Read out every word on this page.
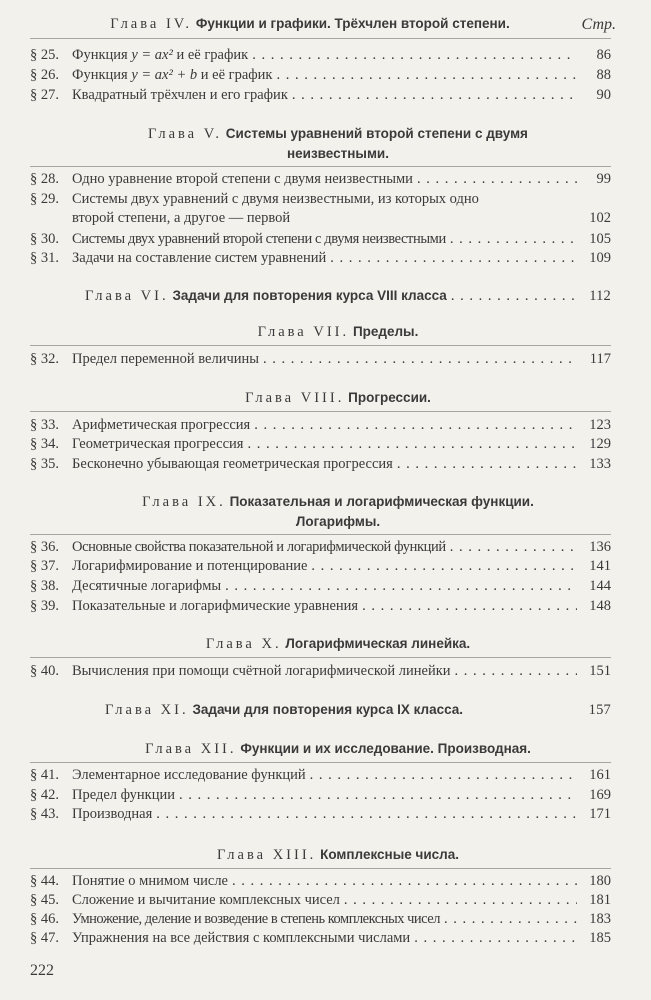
Глава IV. Функции и графики. Трёхчлен второй степени.	Стр.
§ 25. Функция y = ax² и её график . . .	86
§ 26. Функция y = ax² + b и её график . . .	88
§ 27. Квадратный трёхчлен и его график . . .	90
Глава V. Системы уравнений второй степени с двумя
неизвестными.
§ 28. Одно уравнение второй степени с двумя неизвестными . . .	99
§ 29. Системы двух уравнений с двумя неизвестными, из которых одно
второй степени, а другое — первой	102
§ 30. Системы двух уравнений второй степени с двумя неизвестными . . .	105
§ 31. Задачи на составление систем уравнений . . .	109
Глава VI.
Задачи для повторения курса VIII класса . . .	112
Глава VII. Пределы.
§ 32. Предел переменной величины . . .	117
Глава VIII. Прогрессии.
§ 33. Арифметическая прогрессия . . .	123
§ 34. Геометрическая прогрессия . . .	129
§ 35. Бесконечно убывающая геометрическая прогрессия . . .	133
Глава IX. Показательная и логарифмическая функции.
Логарифмы.
§ 36. Основные свойства показательной и логарифмической функций . . .	136
§ 37. Логарифмирование и потенцирование . . .	141
§ 38. Десятичные логарифмы . . .	144
§ 39. Показательные и логарифмические уравнения . . .	148
Глава X. Логарифмическая линейка.
§ 40. Вычисления при помощи счётной логарифмической линейки . . .	151
Глава XI.
Задачи для повторения курса IX класса.	157
Глава XII. Функции и их исследование. Производная.
§ 41. Элементарное исследование функций . . .	161
§ 42. Предел функции . . .	169
§ 43. Производная . . .	171
Глава XIII. Комплексные числа.
§ 44. Понятие о мнимом числе . . .	180
§ 45. Сложение и вычитание комплексных чисел . . .	181
§ 46. Умножение, деление и возведение в степень комплексных чисел . . .	183
§ 47. Упражнения на все действия с комплексными числами . . .	185
222
